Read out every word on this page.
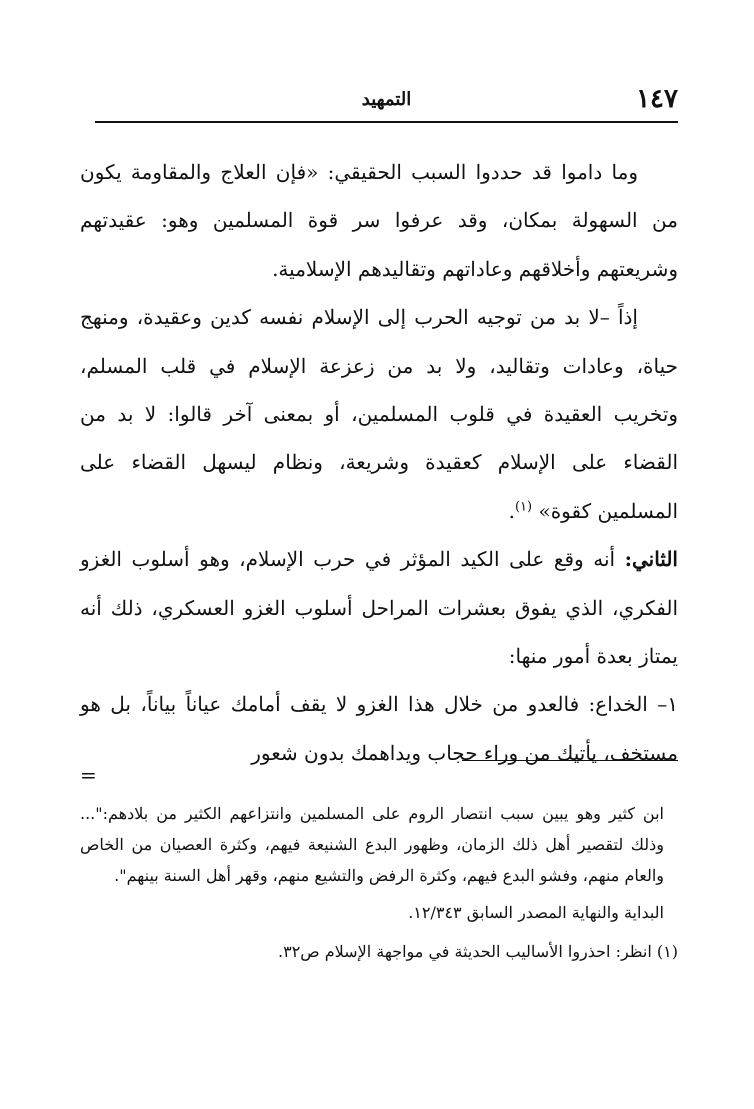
١٤٧
التمهيد

وما داموا قد حددوا السبب الحقيقي: «فإن العلاج والمقاومة يكون من السهولة بمكان، وقد عرفوا سر قوة المسلمين وهو: عقيدتهم وشريعتهم وأخلاقهم وعاداتهم وتقاليدهم الإسلامية.

إذاً –لا بد من توجيه الحرب إلى الإسلام نفسه كدين وعقيدة، ومنهج حياة، وعادات وتقاليد، ولا بد من زعزعة الإسلام في قلب المسلم، وتخريب العقيدة في قلوب المسلمين، أو بمعنى آخر قالوا: لا بد من القضاء على الإسلام كعقيدة وشريعة، ونظام ليسهل القضاء على المسلمين كقوة» $^{(١)}$.

الثاني: أنه وقع على الكيد المؤثر في حرب الإسلام، وهو أسلوب الغزو الفكري، الذي يفوق بعشرات المراحل أسلوب الغزو العسكري، ذلك أنه يمتاز بعدة أمور منها:

١– الخداع: فالعدو من خلال هذا الغزو لا يقف أمامك عياناً بياناً، بل هو مستخف، يأتيك من وراء حجاب ويداهمك بدون شعور

=

ابن كثير وهو يبين سبب انتصار الروم على المسلمين وانتزاعهم الكثير من بلادهم:"... وذلك لتقصير أهل ذلك الزمان، وظهور البدع الشنيعة فيهم، وكثرة العصيان من الخاص والعام منهم، وفشو البدع فيهم، وكثرة الرفض والتشيع منهم، وقهر أهل السنة بينهم".

البداية والنهاية المصدر السابق ١٢/٣٤٣.

(١) انظر: احذروا الأساليب الحديثة في مواجهة الإسلام ص٣٢.
